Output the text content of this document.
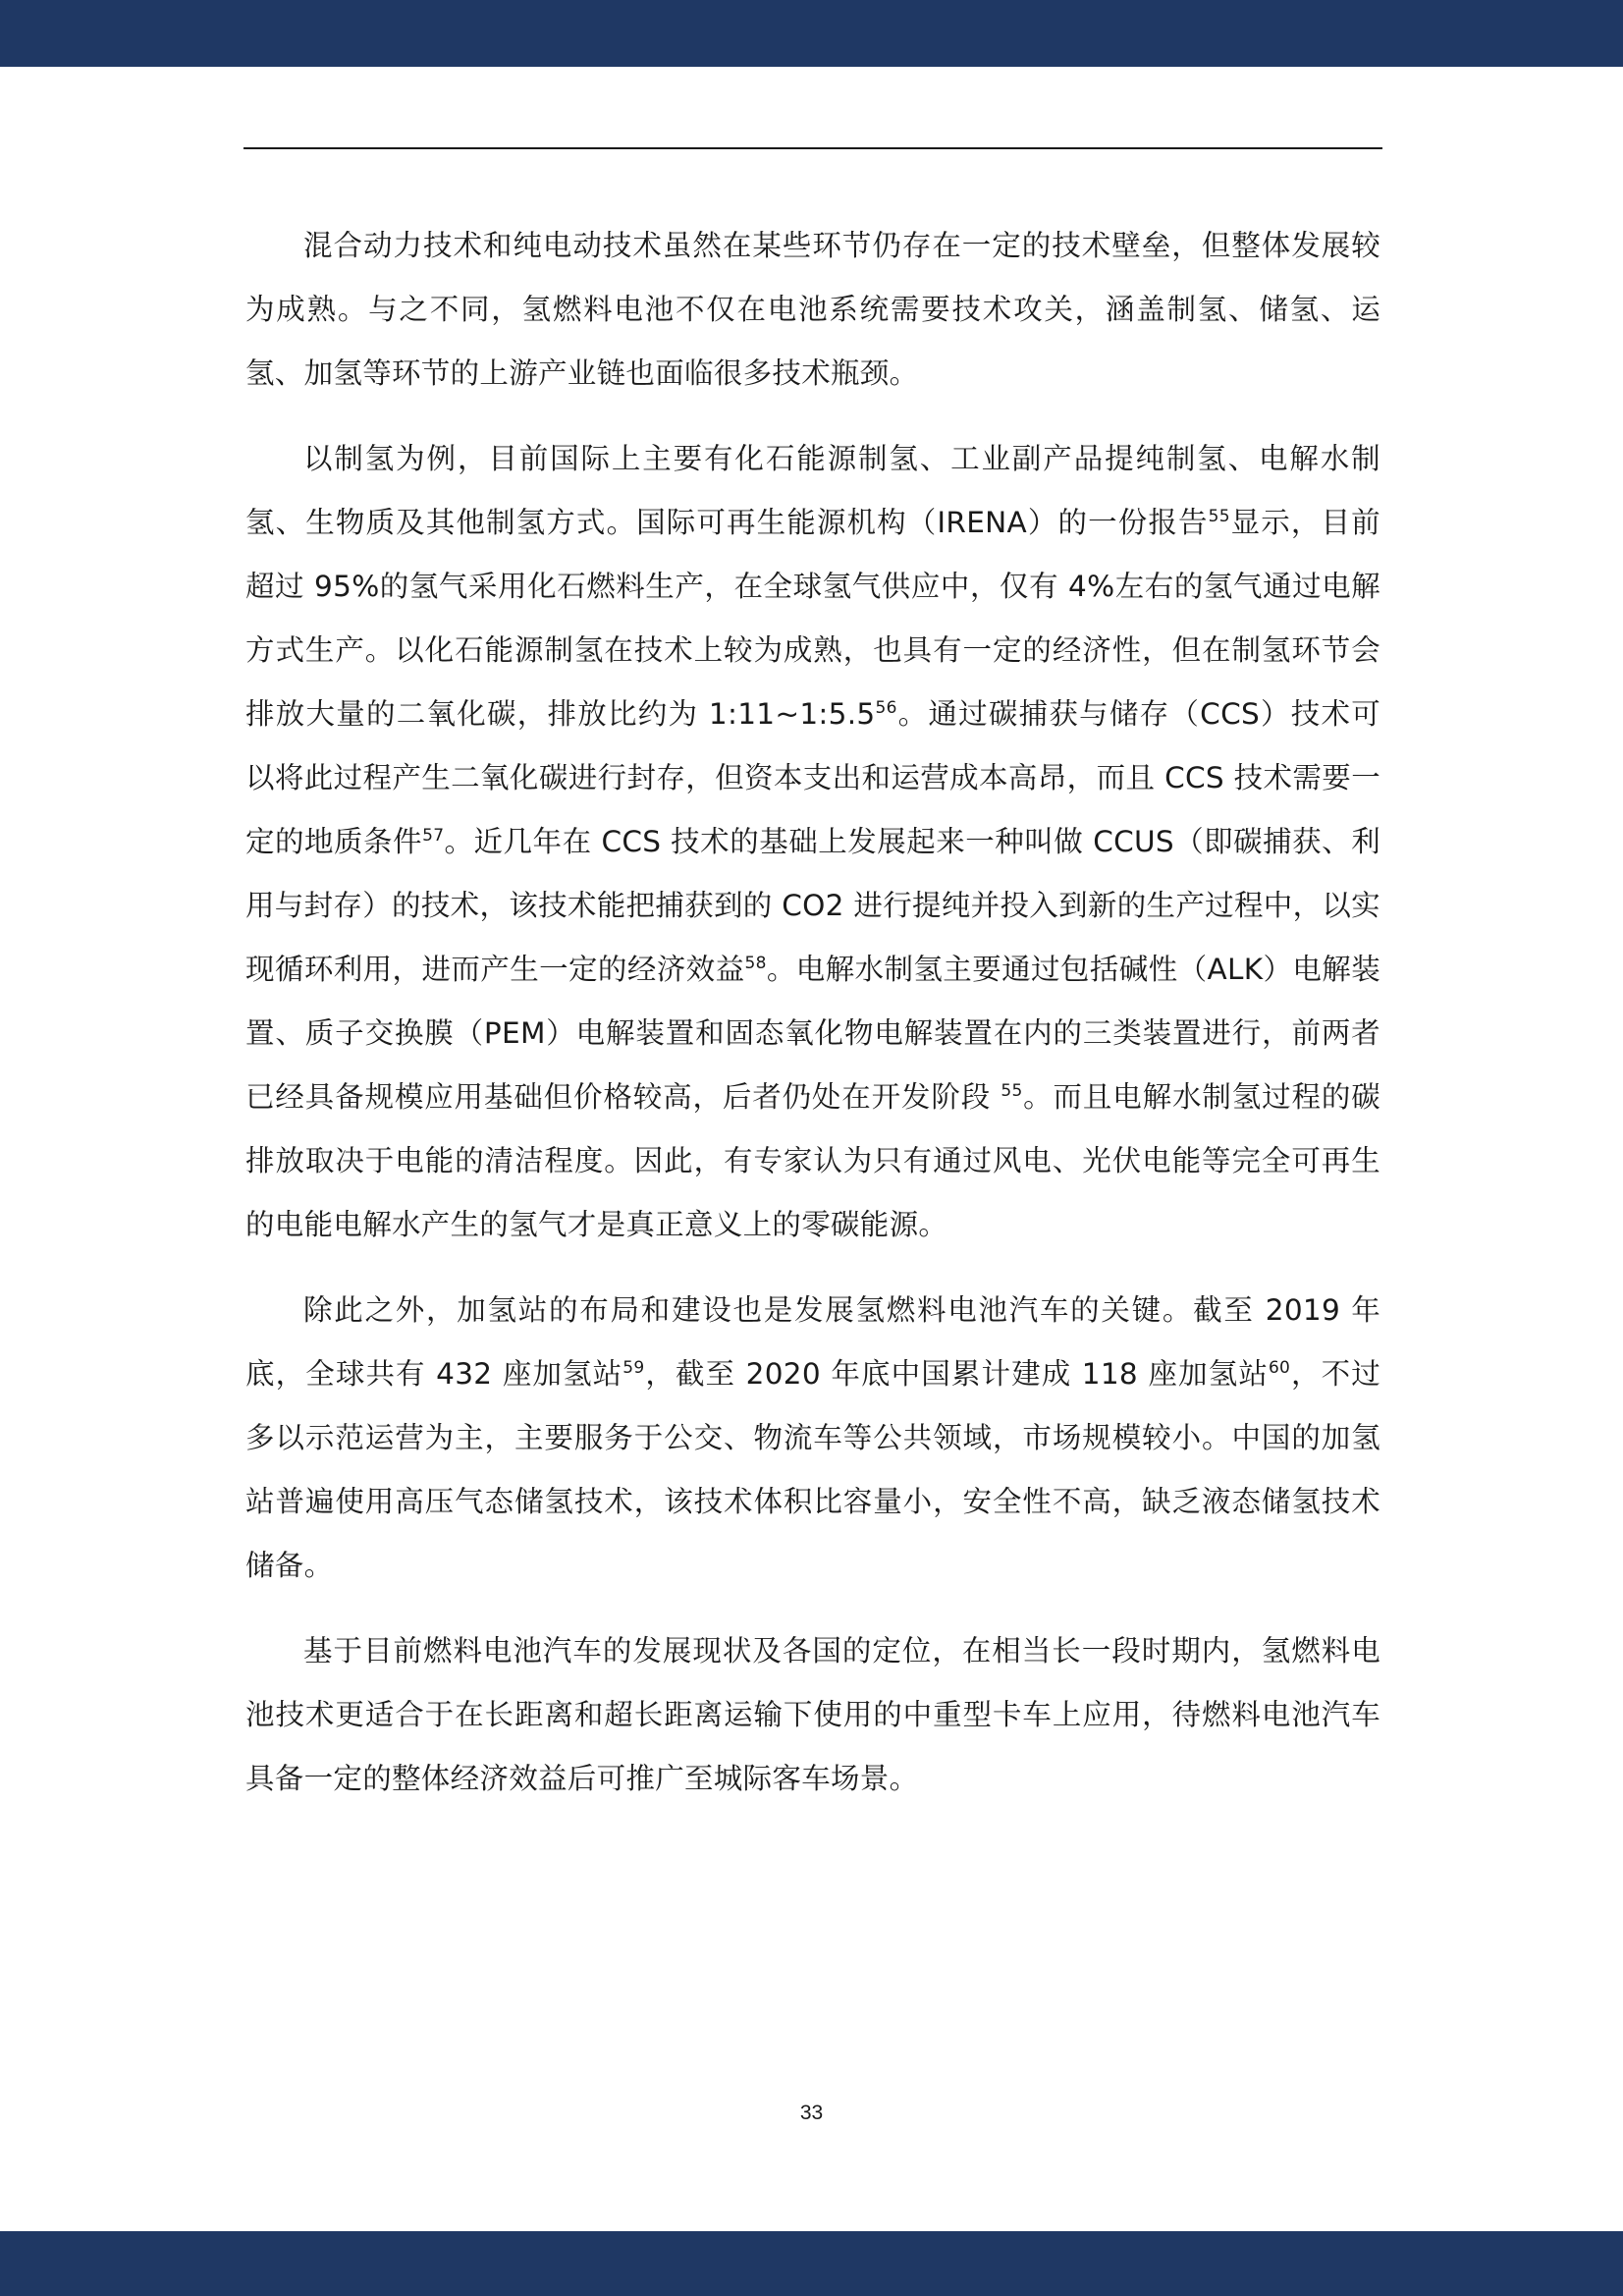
混合动力技术和纯电动技术虽然在某些环节仍存在一定的技术壁垒，但整体发展较为成熟。与之不同，氢燃料电池不仅在电池系统需要技术攻关，涵盖制氢、储氢、运氢、加氢等环节的上游产业链也面临很多技术瓶颈。

以制氢为例，目前国际上主要有化石能源制氢、工业副产品提纯制氢、电解水制氢、生物质及其他制氢方式。国际可再生能源机构（IRENA）的一份报告$^{55}$显示，目前超过 95%的氢气采用化石燃料生产，在全球氢气供应中，仅有 4%左右的氢气通过电解方式生产。以化石能源制氢在技术上较为成熟，也具有一定的经济性，但在制氢环节会排放大量的二氧化碳，排放比约为 $1:11\sim 1:5.5^{56}$。通过碳捕获与储存（CCS）技术可以将此过程产生二氧化碳进行封存，但资本支出和运营成本高昂，而且 CCS 技术需要一定的地质条件$^{57}$。近几年在 CCS 技术的基础上发展起来一种叫做 CCUS（即碳捕获、利用与封存）的技术，该技术能把捕获到的 CO2 进行提纯并投入到新的生产过程中，以实现循环利用，进而产生一定的经济效益$^{58}$。电解水制氢主要通过包括碱性（ALK）电解装置、质子交换膜（PEM）电解装置和固态氧化物电解装置在内的三类装置进行，前两者已经具备规模应用基础但价格较高，后者仍处在开发阶段 $^{55}$。而且电解水制氢过程的碳排放取决于电能的清洁程度。因此，有专家认为只有通过风电、光伏电能等完全可再生的电能电解水产生的氢气才是真正意义上的零碳能源。

除此之外，加氢站的布局和建设也是发展氢燃料电池汽车的关键。截至 2019 年底，全球共有 432 座加氢站$^{59}$，截至 2020 年底中国累计建成 118 座加氢站$^{60}$，不过多以示范运营为主，主要服务于公交、物流车等公共领域，市场规模较小。中国的加氢站普遍使用高压气态储氢技术，该技术体积比容量小，安全性不高，缺乏液态储氢技术储备。

基于目前燃料电池汽车的发展现状及各国的定位，在相当长一段时期内，氢燃料电池技术更适合于在长距离和超长距离运输下使用的中重型卡车上应用，待燃料电池汽车具备一定的整体经济效益后可推广至城际客车场景。

33
